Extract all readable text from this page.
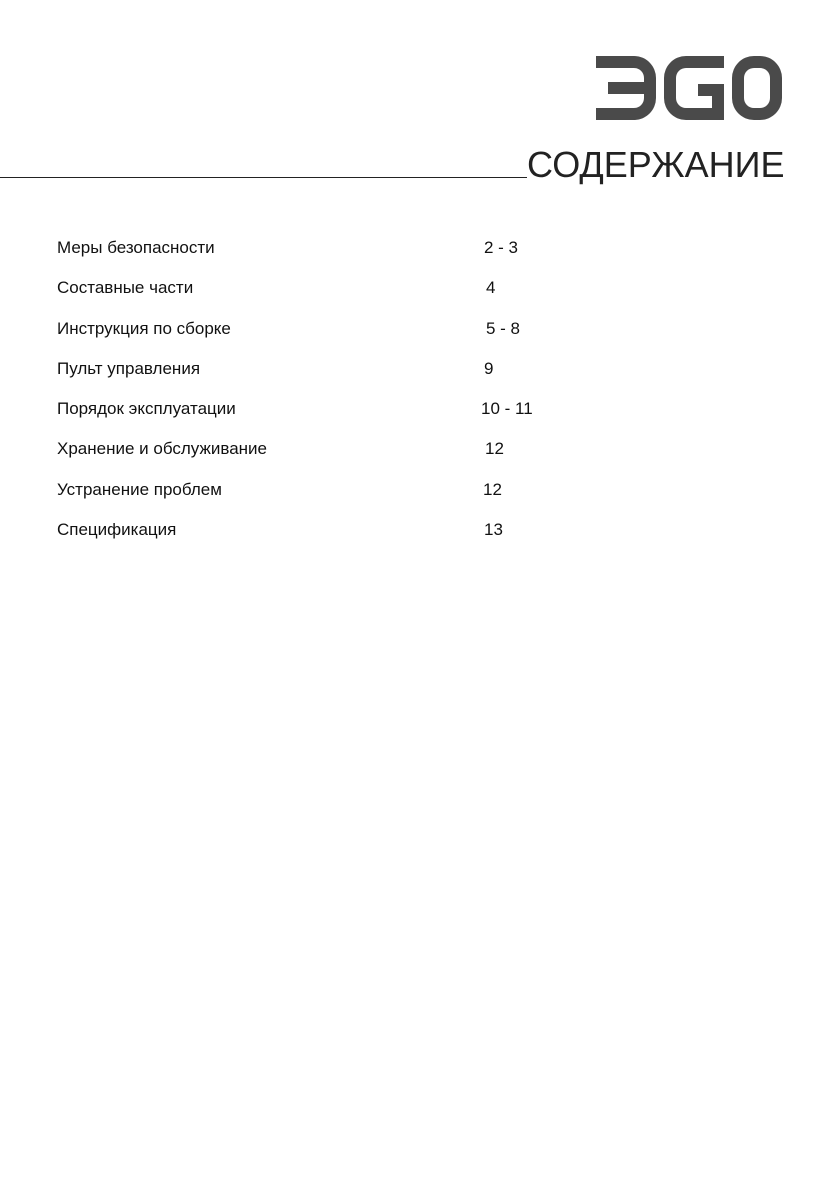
СОДЕРЖАНИЕ
Меры безопасности	2 - 3
Составные части	4
Инструкция по сборке	5 - 8
Пульт управления	9
Порядок эксплуатации	10 - 11
Хранение и обслуживание	12
Устранение проблем	12
Спецификация	13
